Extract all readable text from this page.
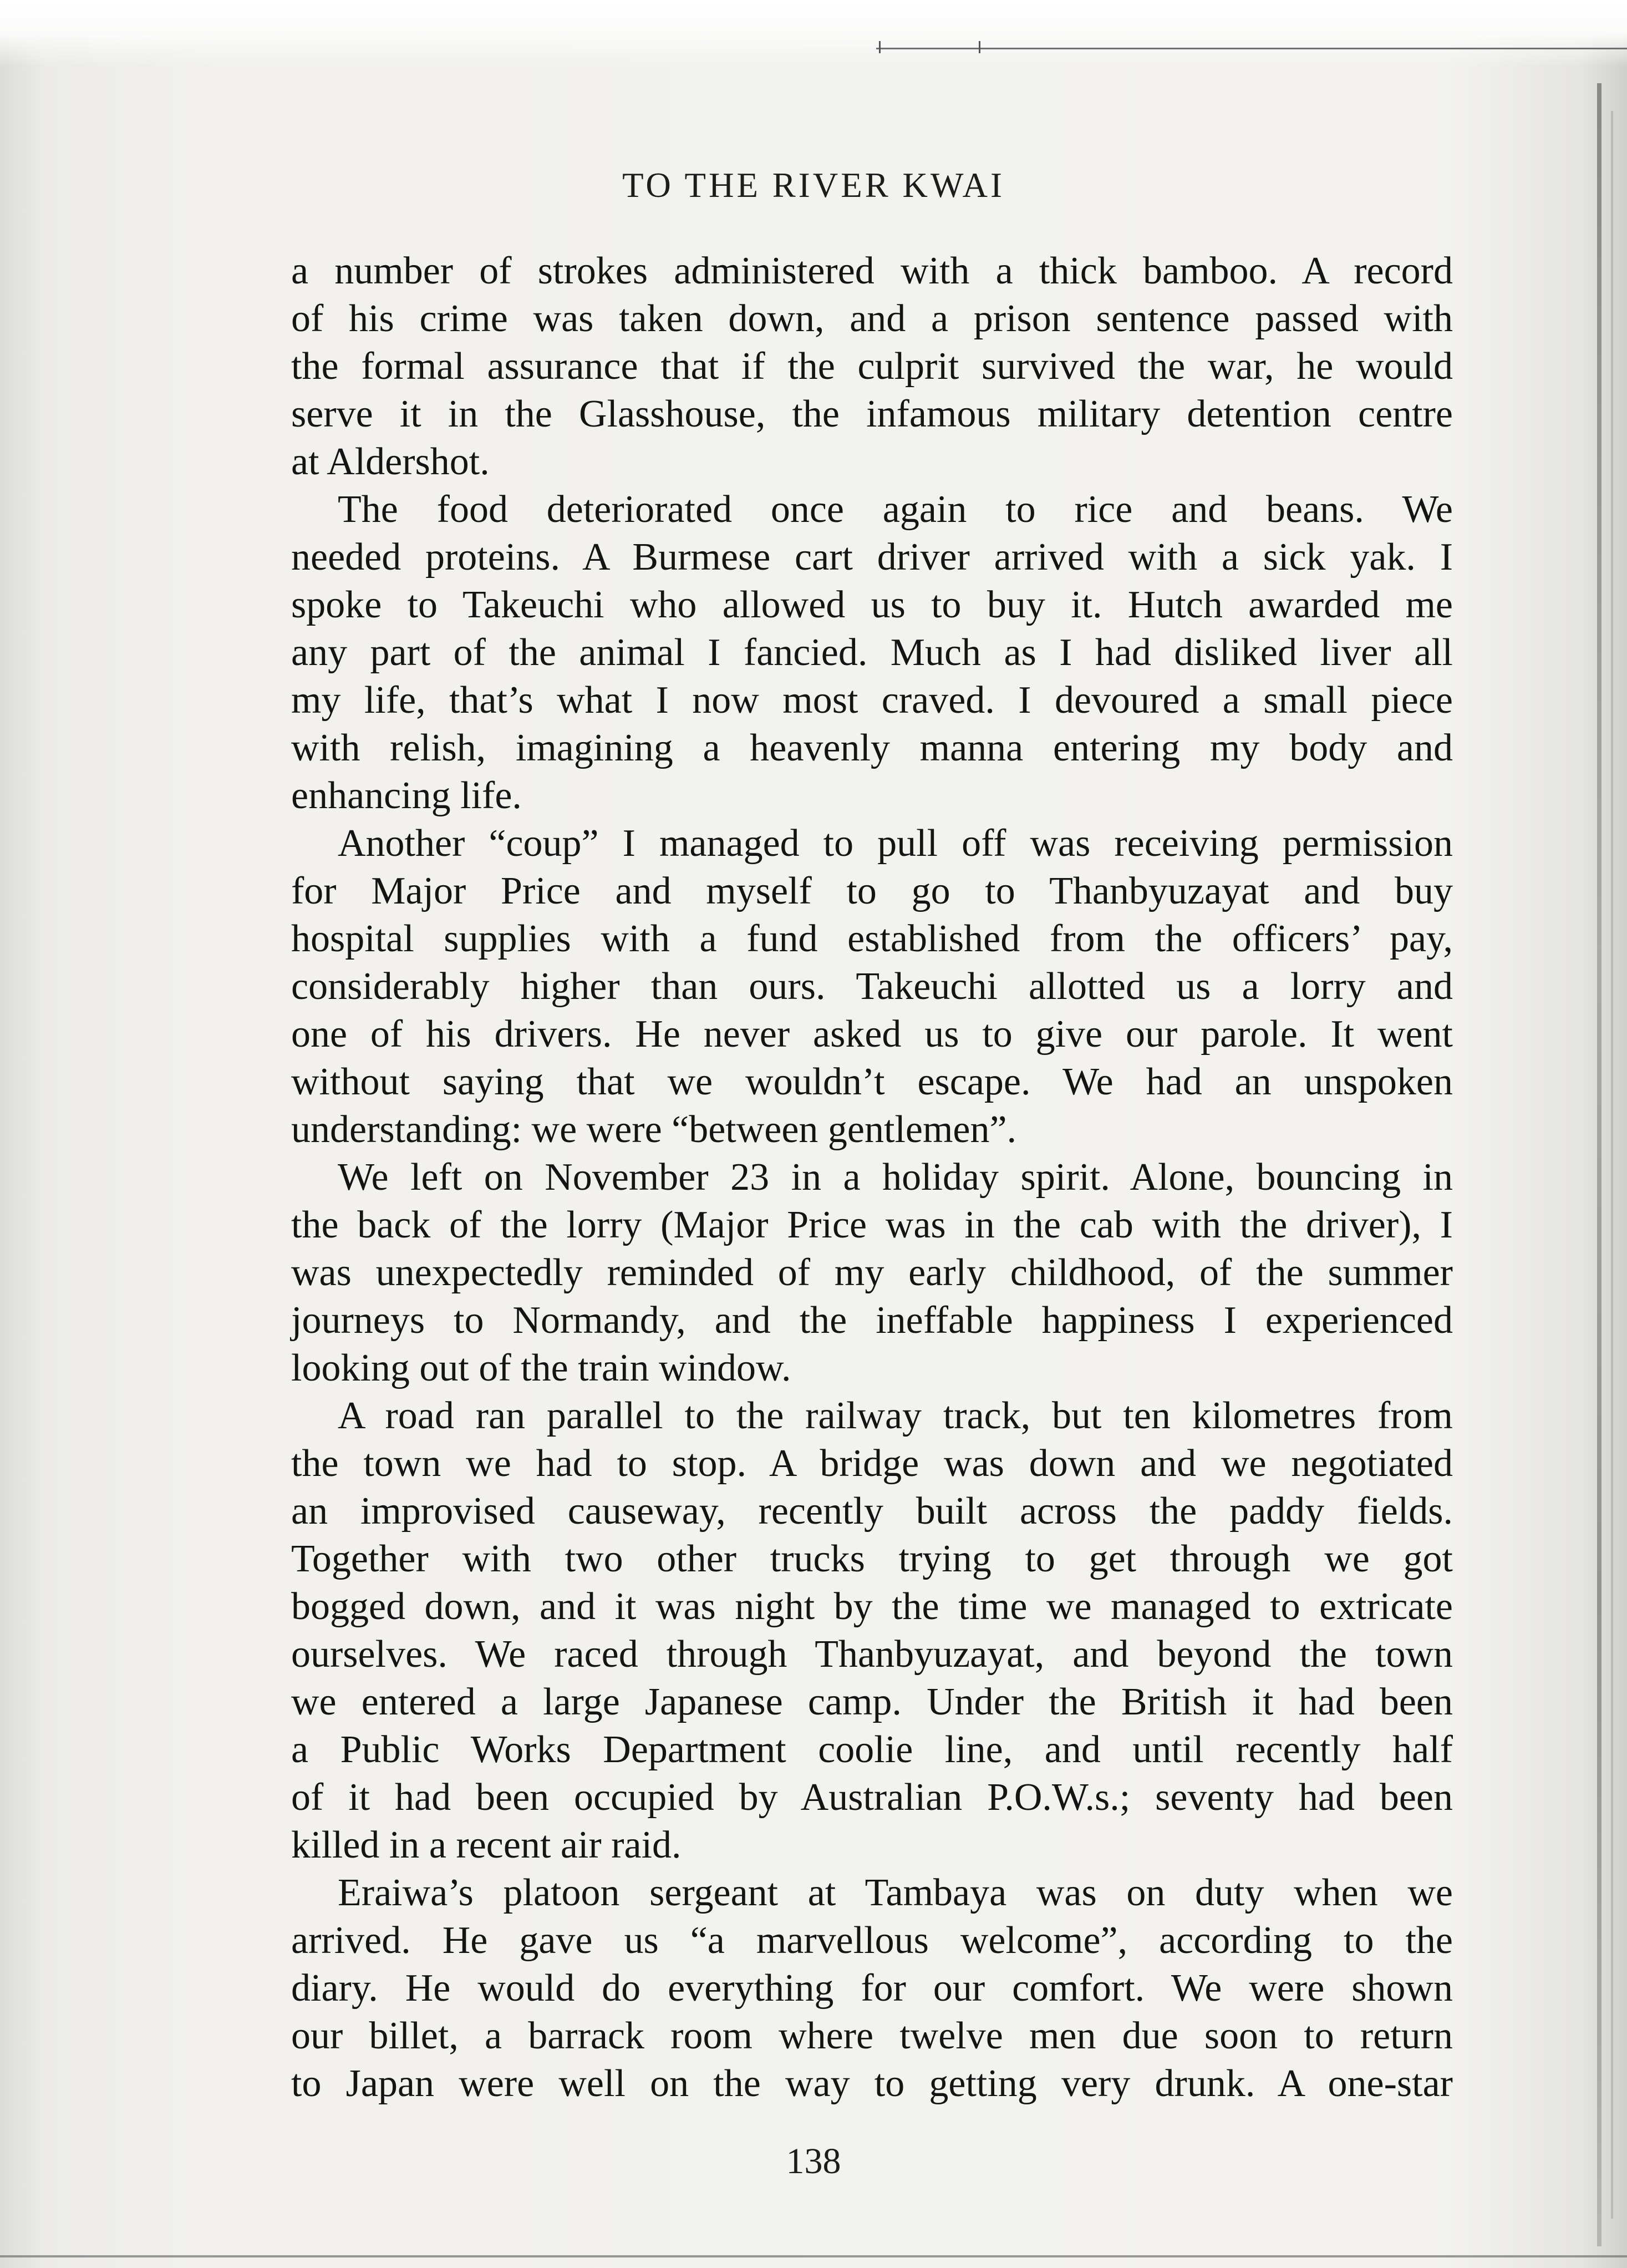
TO THE RIVER KWAI
a number of strokes administered with a thick bamboo. A record
of his crime was taken down, and a prison sentence passed with
the formal assurance that if the culprit survived the war, he would
serve it in the Glasshouse, the infamous military detention centre
at Aldershot.
The food deteriorated once again to rice and beans. We
needed proteins. A Burmese cart driver arrived with a sick yak. I
spoke to Takeuchi who allowed us to buy it. Hutch awarded me
any part of the animal I fancied. Much as I had disliked liver all
my life, that’s what I now most craved. I devoured a small piece
with relish, imagining a heavenly manna entering my body and
enhancing life.
Another “coup” I managed to pull off was receiving permission
for Major Price and myself to go to Thanbyuzayat and buy
hospital supplies with a fund established from the officers’ pay,
considerably higher than ours. Takeuchi allotted us a lorry and
one of his drivers. He never asked us to give our parole. It went
without saying that we wouldn’t escape. We had an unspoken
understanding: we were “between gentlemen”.
We left on November 23 in a holiday spirit. Alone, bouncing in
the back of the lorry (Major Price was in the cab with the driver), I
was unexpectedly reminded of my early childhood, of the summer
journeys to Normandy, and the ineffable happiness I experienced
looking out of the train window.
A road ran parallel to the railway track, but ten kilometres from
the town we had to stop. A bridge was down and we negotiated
an improvised causeway, recently built across the paddy fields.
Together with two other trucks trying to get through we got
bogged down, and it was night by the time we managed to extricate
ourselves. We raced through Thanbyuzayat, and beyond the town
we entered a large Japanese camp. Under the British it had been
a Public Works Department coolie line, and until recently half
of it had been occupied by Australian P.O.W.s.; seventy had been
killed in a recent air raid.
Eraiwa’s platoon sergeant at Tambaya was on duty when we
arrived. He gave us “a marvellous welcome”, according to the
diary. He would do everything for our comfort. We were shown
our billet, a barrack room where twelve men due soon to return
to Japan were well on the way to getting very drunk. A one-star
138
